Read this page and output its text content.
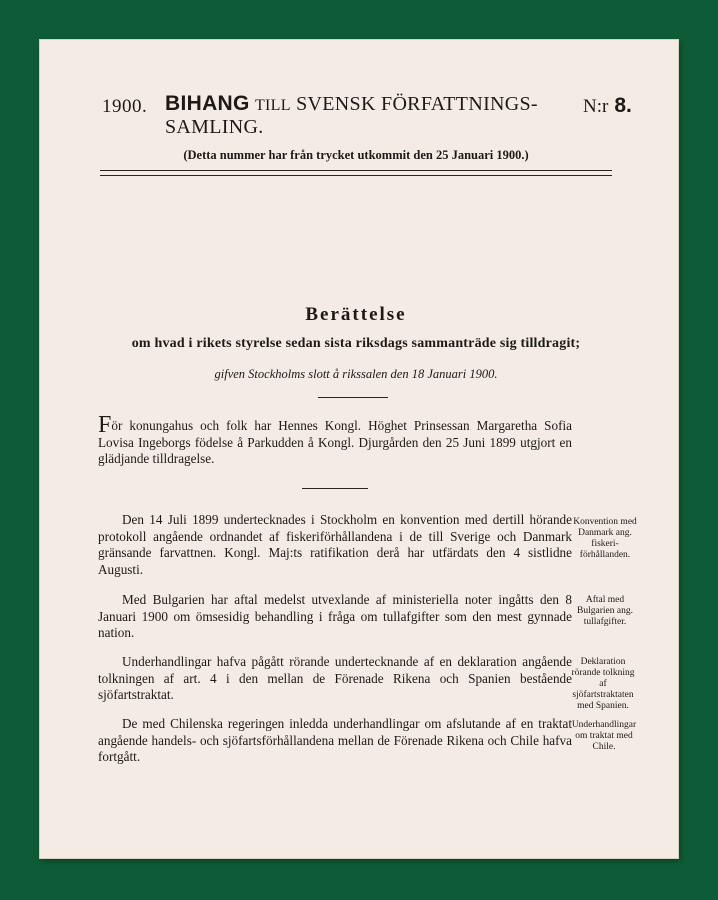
1900. BIHANG TILL SVENSK FÖRFATTNINGS-SAMLING.
N:r 8.
(Detta nummer har från trycket utkommit den 25 Januari 1900.)
Berättelse
om hvad i rikets styrelse sedan sista riksdags sammanträde sig tilldragit;
gifven Stockholms slott å rikssalen den 18 Januari 1900.
För konungahus och folk har Hennes Kongl. Höghet Prinsessan Margaretha Sofia Lovisa Ingeborgs födelse å Parkudden å Kongl. Djurgården den 25 Juni 1899 utgjort en glädjande tilldragelse.
Den 14 Juli 1899 undertecknades i Stockholm en konvention med dertill hörande protokoll angående ordnandet af fiskeriförhållandena i de till Sverige och Danmark gränsande farvattnen. Kongl. Maj:ts ratifikation derå har utfärdats den 4 sistlidne Augusti.
Konvention med Danmark ang. fiskeri-förhållanden.
Med Bulgarien har aftal medelst utvexlande af ministeriella noter ingåtts den 8 Januari 1900 om ömsesidig behandling i fråga om tullafgifter som den mest gynnade nation.
Aftal med Bulgarien ang. tullafgifter.
Underhandlingar hafva pågått rörande undertecknande af en deklaration angående tolkningen af art. 4 i den mellan de Förenade Rikena och Spanien bestående sjöfartstraktat.
Deklaration rörande tolkning af sjöfartstraktaten med Spanien.
De med Chilenska regeringen inledda underhandlingar om afslutande af en traktat angående handels- och sjöfartsförhållandena mellan de Förenade Rikena och Chile hafva fortgått.
Underhandlingar om traktat med Chile.
